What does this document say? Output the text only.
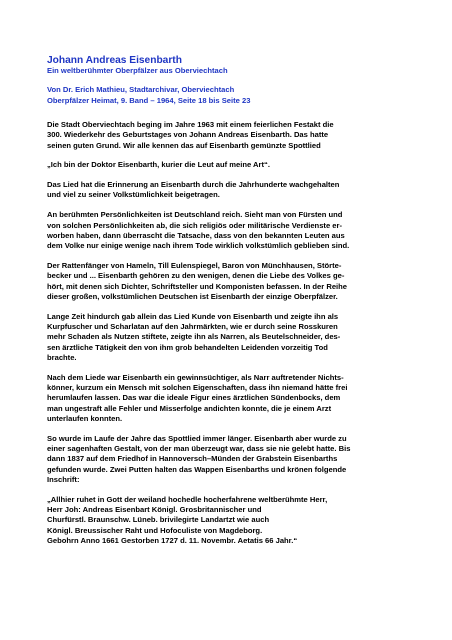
Johann Andreas Eisenbarth
Ein weltberühmter Oberpfälzer aus Oberviechtach
Von Dr. Erich Mathieu, Stadtarchivar, Oberviechtach
Oberpfälzer Heimat, 9. Band – 1964, Seite 18 bis Seite 23
Die Stadt Oberviechtach beging im Jahre 1963 mit einem feierlichen Festakt die
300. Wiederkehr des Geburtstages von Johann Andreas Eisenbarth. Das hatte
seinen guten Grund. Wir alle kennen das auf Eisenbarth gemünzte Spottlied
„Ich bin der Doktor Eisenbarth, kurier die Leut auf meine Art“.
Das Lied hat die Erinnerung an Eisenbarth durch die Jahrhunderte wachgehalten
und viel zu seiner Volkstümlichkeit beigetragen.
An berühmten Persönlichkeiten ist Deutschland reich. Sieht man von Fürsten und
von solchen Persönlichkeiten ab, die sich religiös oder militärische Verdienste er-
worben haben, dann überrascht die Tatsache, dass von den bekannten Leuten aus
dem Volke nur einige wenige nach ihrem Tode wirklich volkstümlich geblieben sind.
Der Rattenfänger von Hameln, Till Eulenspiegel, Baron von Münchhausen, Störte-
becker und ... Eisenbarth gehören zu den wenigen, denen die Liebe des Volkes ge-
hört, mit denen sich Dichter, Schriftsteller und Komponisten befassen. In der Reihe
dieser großen, volkstümlichen Deutschen ist Eisenbarth der einzige Oberpfälzer.
Lange Zeit hindurch gab allein das Lied Kunde von Eisenbarth und zeigte ihn als
Kurpfuscher und Scharlatan auf den Jahrmärkten, wie er durch seine Rosskuren
mehr Schaden als Nutzen stiftete, zeigte ihn als Narren, als Beutelschneider, des-
sen ärztliche Tätigkeit den von ihm grob behandelten Leidenden vorzeitig Tod
brachte.
Nach dem Liede war Eisenbarth ein gewinnsüchtiger, als Narr auftretender Nichts-
könner, kurzum ein Mensch mit solchen Eigenschaften, dass ihn niemand hätte frei
herumlaufen lassen. Das war die ideale Figur eines ärztlichen Sündenbocks, dem
man ungestraft alle Fehler und Misserfolge andichten konnte, die je einem Arzt
unterlaufen konnten.
So wurde im Laufe der Jahre das Spottlied immer länger. Eisenbarth aber wurde zu
einer sagenhaften Gestalt, von der man überzeugt war, dass sie nie gelebt hatte. Bis
dann 1837 auf dem Friedhof in Hannoversch–Münden der Grabstein Eisenbarths
gefunden wurde. Zwei Putten halten das Wappen Eisenbarths und krönen folgende
Inschrift:
„Allhier ruhet in Gott der weiland hochedle hocherfahrene weltberühmte Herr,
Herr Joh: Andreas Eisenbart Königl. Grosbritannischer und
Churfürstl. Braunschw. Lüneb. brivilegirte Landartzt wie auch
Königl. Breussischer Raht und Hofoculiste von Magdeborg.
Gebohrn Anno 1661 Gestorben 1727 d. 11. Novembr. Aetatis 66 Jahr.“
